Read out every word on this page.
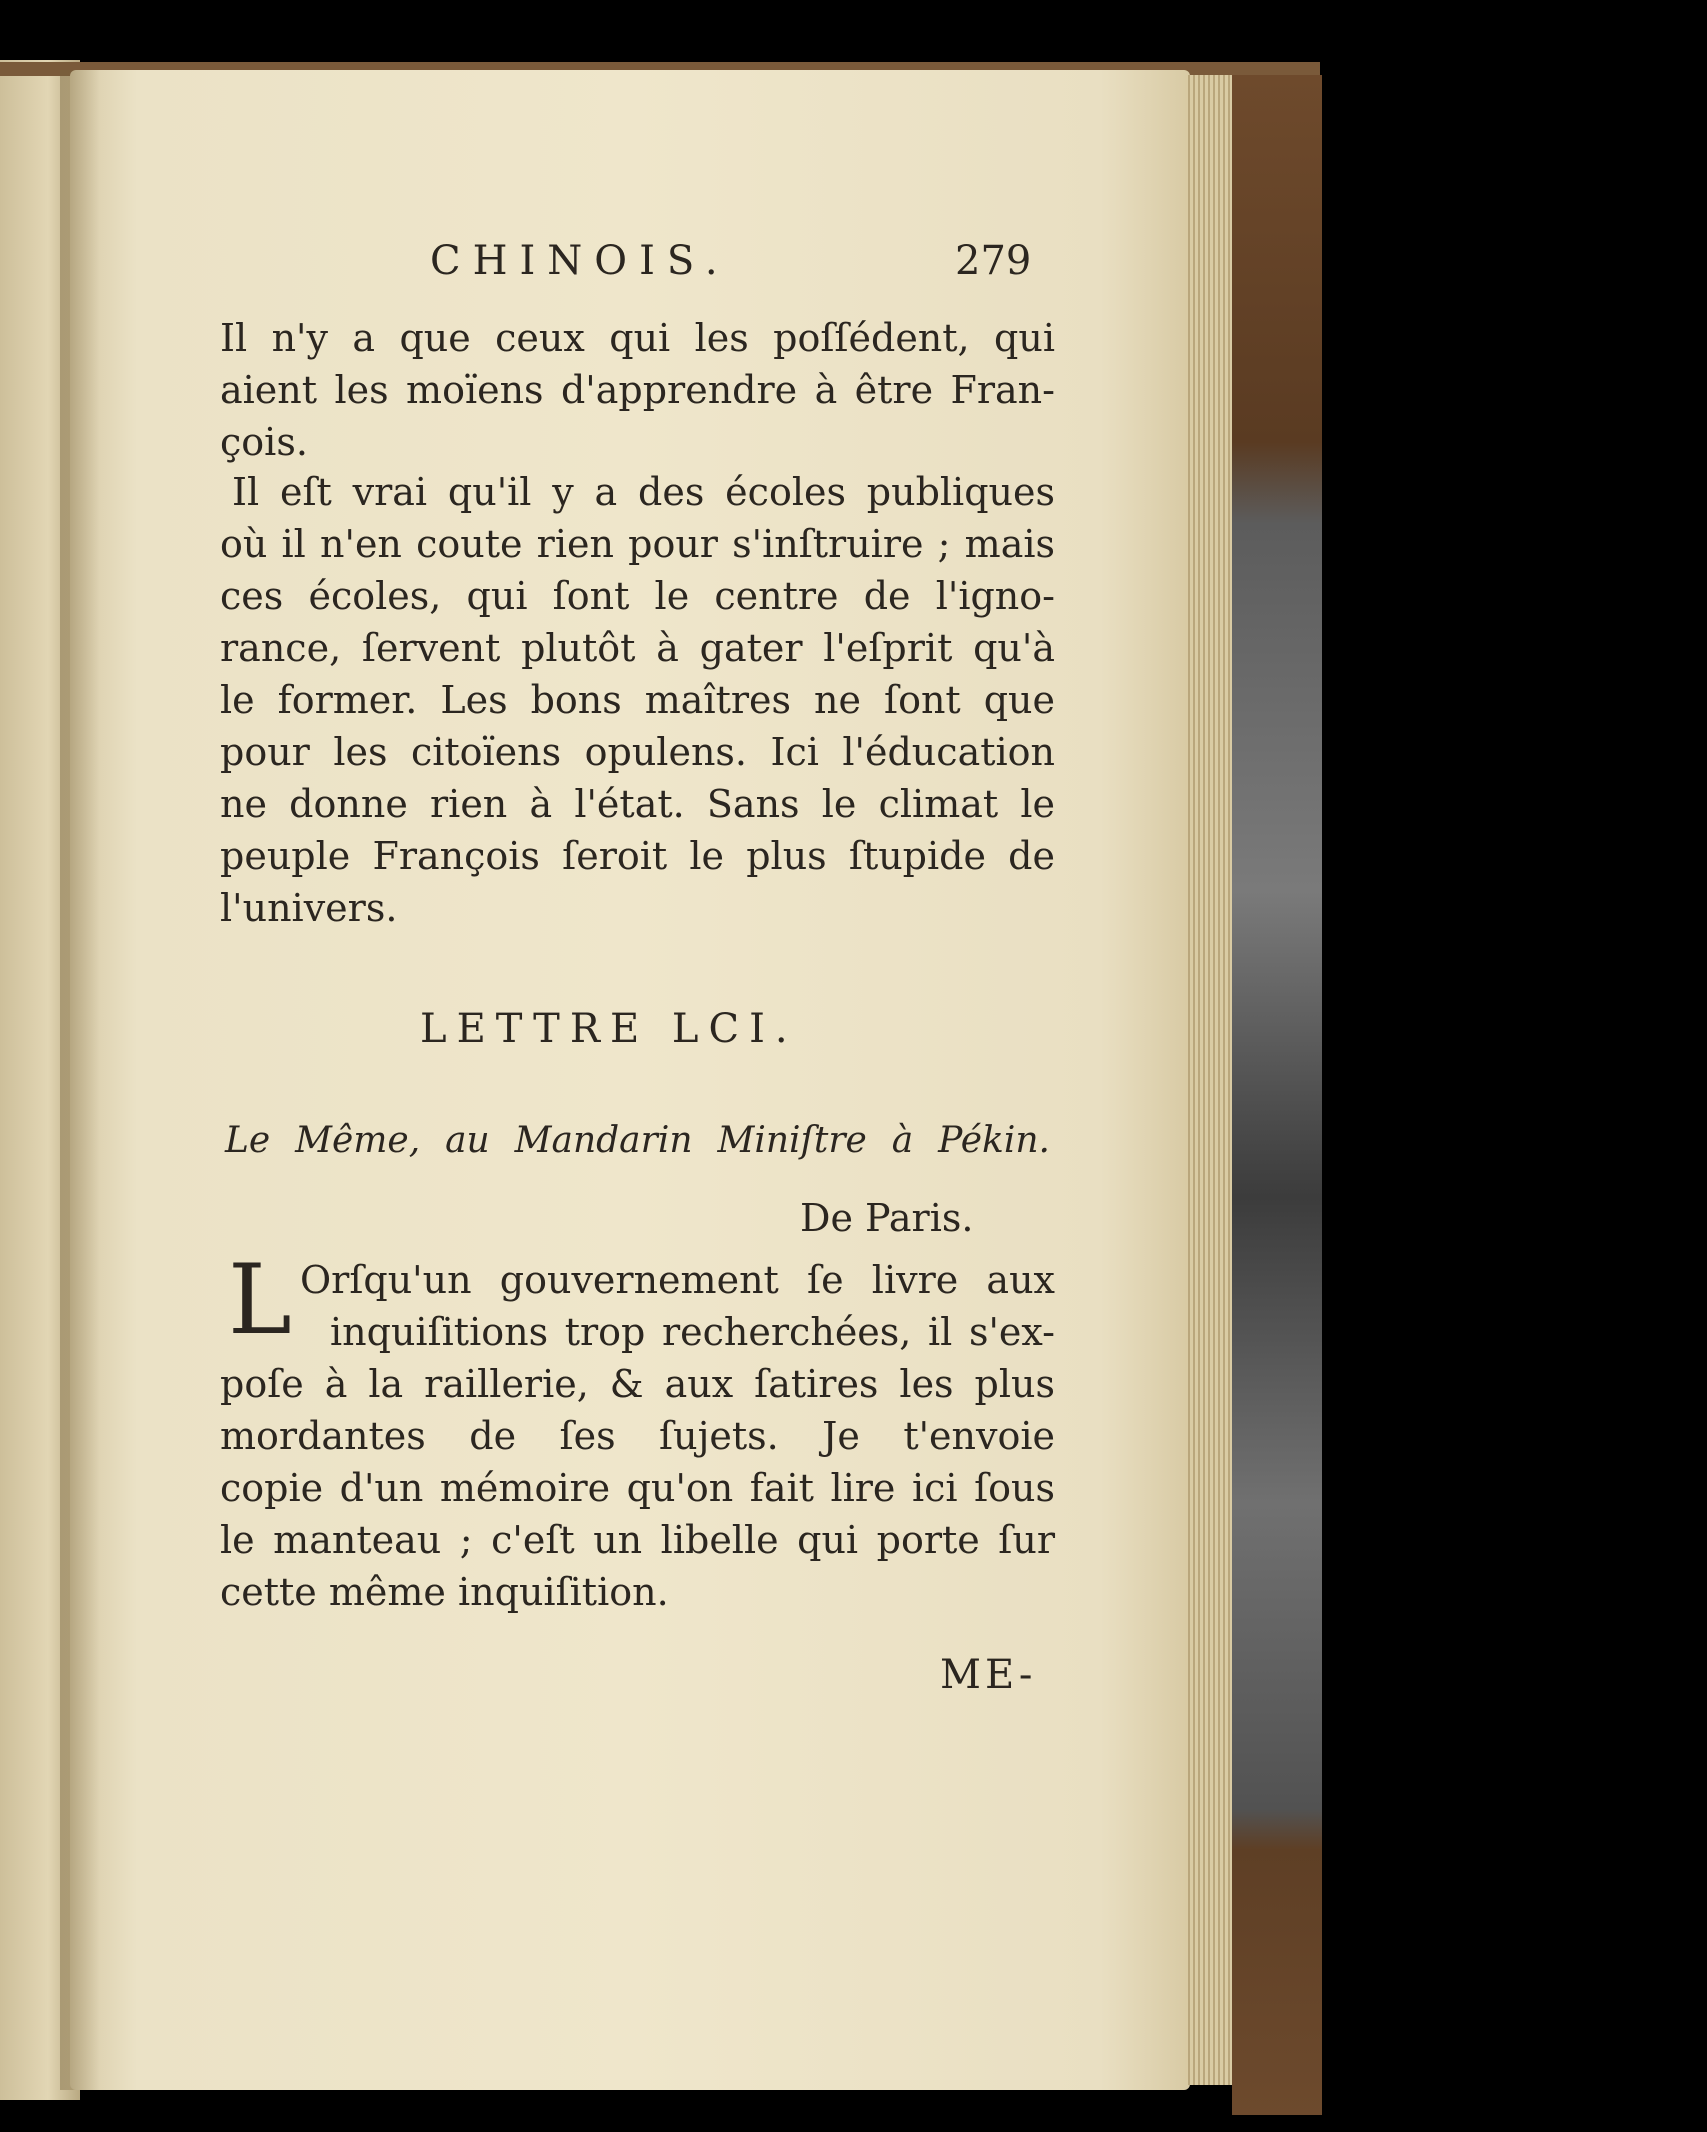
CHINOIS.	279

Il n'y a que ceux qui les poſſédent, qui

aient les moïens d'apprendre à être Fran-

çois.

Il eſt vrai qu'il y a des écoles publiques

où il n'en coute rien pour s'inſtruire ; mais

ces écoles, qui ſont le centre de l'igno-

rance, ſervent plutôt à gater l'eſprit qu'à

le former. Les bons maîtres ne ſont que

pour les citoïens opulens. Ici l'éducation

ne donne rien à l'état. Sans le climat le

peuple François ſeroit le plus ſtupide de

l'univers.

LETTRE LCI.
Le Même, au Mandarin Miniſtre à Pékin.
De Paris.
L Orſqu'un gouvernement ſe livre aux

inquiſitions trop recherchées, il s'ex-

poſe à la raillerie, & aux ſatires les plus

mordantes de ſes ſujets. Je t'envoie

copie d'un mémoire qu'on fait lire ici ſous

le manteau ; c'eſt un libelle qui porte ſur

cette même inquiſition.

ME-
